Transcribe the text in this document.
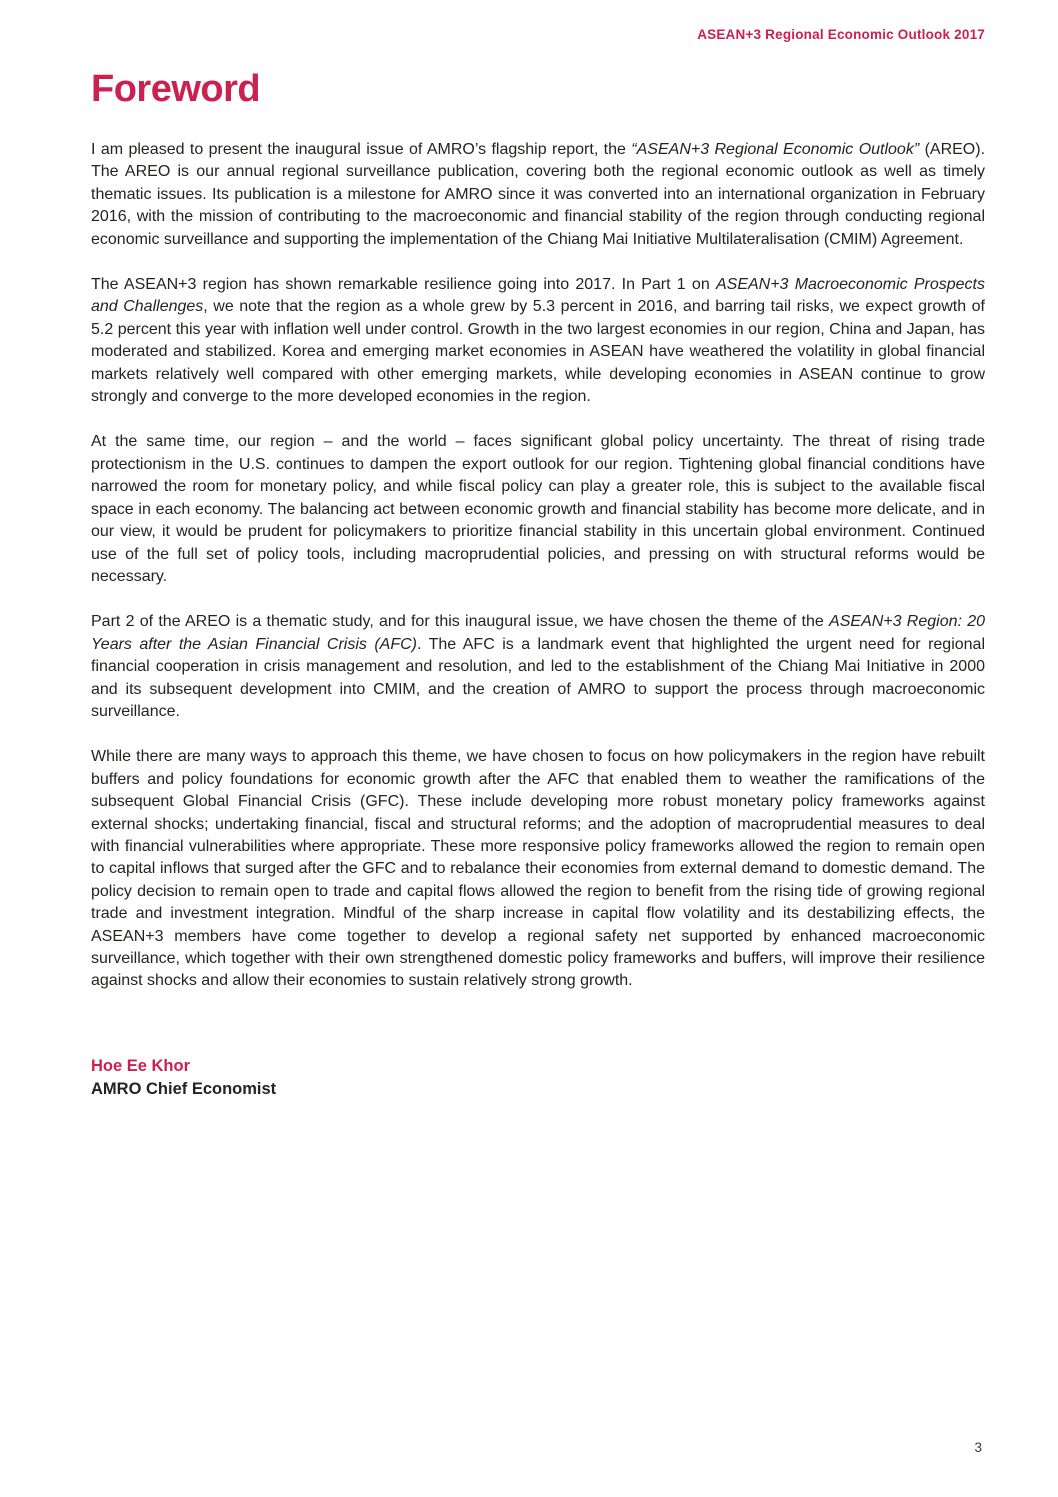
ASEAN+3 Regional Economic Outlook 2017
Foreword

I am pleased to present the inaugural issue of AMRO’s flagship report, the “ASEAN+3 Regional Economic Outlook” (AREO). The AREO is our annual regional surveillance publication, covering both the regional economic outlook as well as timely thematic issues. Its publication is a milestone for AMRO since it was converted into an international organization in February 2016, with the mission of contributing to the macroeconomic and financial stability of the region through conducting regional economic surveillance and supporting the implementation of the Chiang Mai Initiative Multilateralisation (CMIM) Agreement.

The ASEAN+3 region has shown remarkable resilience going into 2017. In Part 1 on ASEAN+3 Macroeconomic Prospects and Challenges, we note that the region as a whole grew by 5.3 percent in 2016, and barring tail risks, we expect growth of 5.2 percent this year with inflation well under control. Growth in the two largest economies in our region, China and Japan, has moderated and stabilized. Korea and emerging market economies in ASEAN have weathered the volatility in global financial markets relatively well compared with other emerging markets, while developing economies in ASEAN continue to grow strongly and converge to the more developed economies in the region.

At the same time, our region – and the world – faces significant global policy uncertainty. The threat of rising trade protectionism in the U.S. continues to dampen the export outlook for our region. Tightening global financial conditions have narrowed the room for monetary policy, and while fiscal policy can play a greater role, this is subject to the available fiscal space in each economy. The balancing act between economic growth and financial stability has become more delicate, and in our view, it would be prudent for policymakers to prioritize financial stability in this uncertain global environment. Continued use of the full set of policy tools, including macroprudential policies, and pressing on with structural reforms would be necessary.

Part 2 of the AREO is a thematic study, and for this inaugural issue, we have chosen the theme of the ASEAN+3 Region: 20 Years after the Asian Financial Crisis (AFC). The AFC is a landmark event that highlighted the urgent need for regional financial cooperation in crisis management and resolution, and led to the establishment of the Chiang Mai Initiative in 2000 and its subsequent development into CMIM, and the creation of AMRO to support the process through macroeconomic surveillance.

While there are many ways to approach this theme, we have chosen to focus on how policymakers in the region have rebuilt buffers and policy foundations for economic growth after the AFC that enabled them to weather the ramifications of the subsequent Global Financial Crisis (GFC). These include developing more robust monetary policy frameworks against external shocks; undertaking financial, fiscal and structural reforms; and the adoption of macroprudential measures to deal with financial vulnerabilities where appropriate. These more responsive policy frameworks allowed the region to remain open to capital inflows that surged after the GFC and to rebalance their economies from external demand to domestic demand. The policy decision to remain open to trade and capital flows allowed the region to benefit from the rising tide of growing regional trade and investment integration. Mindful of the sharp increase in capital flow volatility and its destabilizing effects, the ASEAN+3 members have come together to develop a regional safety net supported by enhanced macroeconomic surveillance, which together with their own strengthened domestic policy frameworks and buffers, will improve their resilience against shocks and allow their economies to sustain relatively strong growth.

Hoe Ee Khor
AMRO Chief Economist
3
